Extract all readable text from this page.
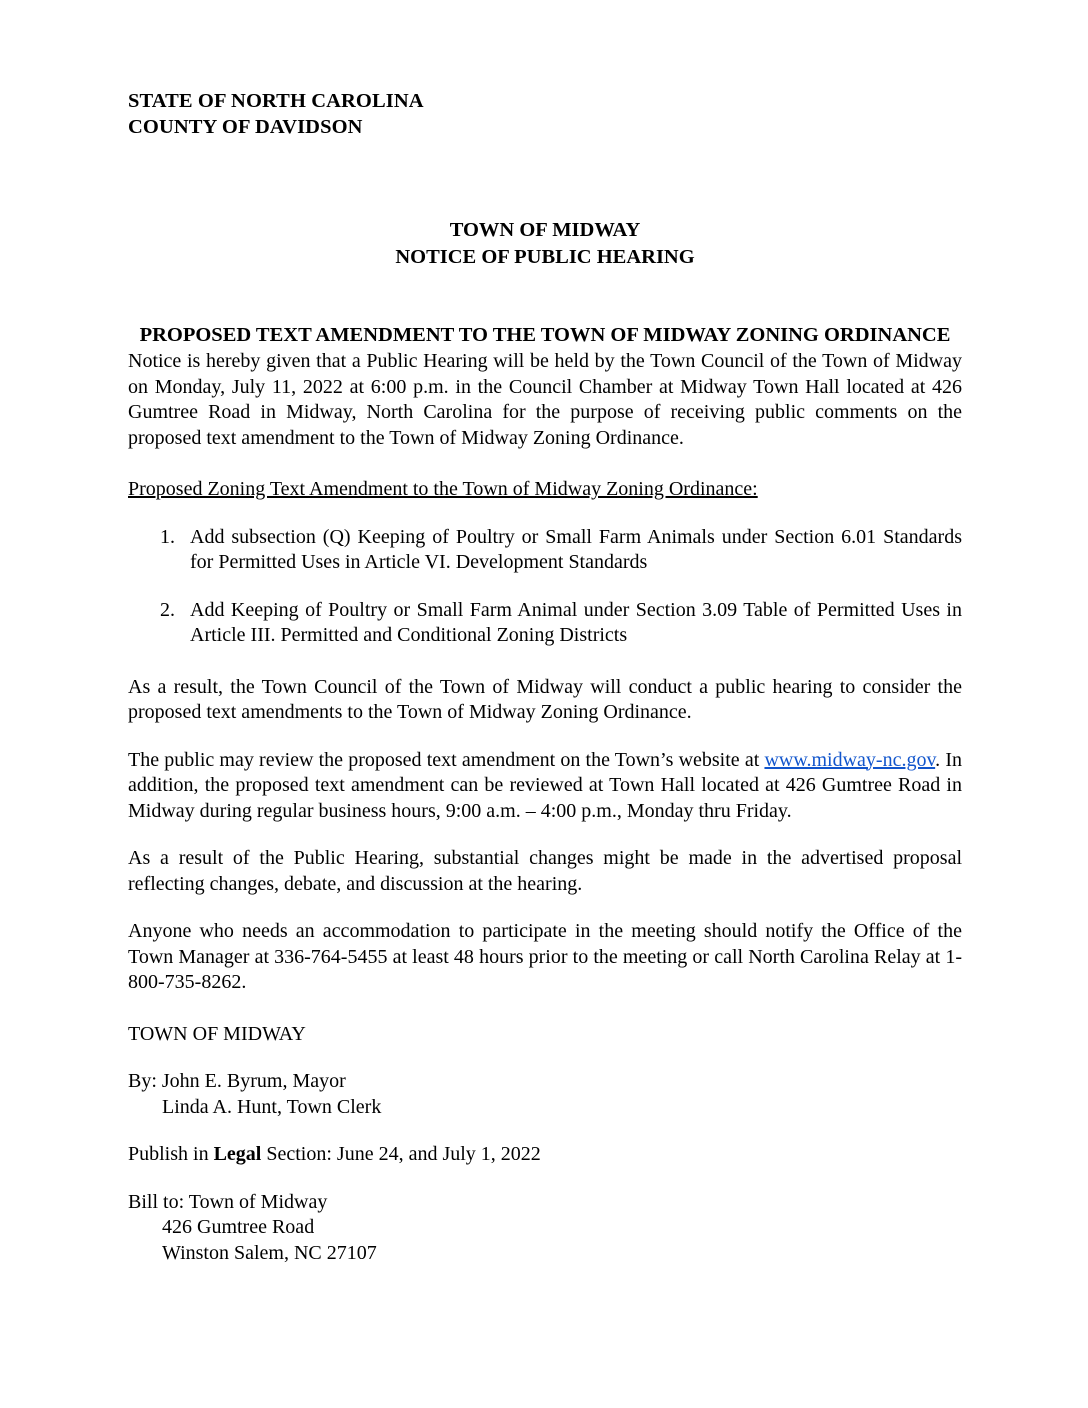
STATE OF NORTH CAROLINA
COUNTY OF DAVIDSON
TOWN OF MIDWAY
NOTICE OF PUBLIC HEARING
PROPOSED TEXT AMENDMENT TO THE TOWN OF MIDWAY ZONING ORDINANCE

Notice is hereby given that a Public Hearing will be held by the Town Council of the Town of Midway on Monday, July 11, 2022 at 6:00 p.m. in the Council Chamber at Midway Town Hall located at 426 Gumtree Road in Midway, North Carolina for the purpose of receiving public comments on the proposed text amendment to the Town of Midway Zoning Ordinance.

Proposed Zoning Text Amendment to the Town of Midway Zoning Ordinance:

1. Add subsection (Q) Keeping of Poultry or Small Farm Animals under Section 6.01 Standards for Permitted Uses in Article VI. Development Standards
2. Add Keeping of Poultry or Small Farm Animal under Section 3.09 Table of Permitted Uses in Article III. Permitted and Conditional Zoning Districts

As a result, the Town Council of the Town of Midway will conduct a public hearing to consider the proposed text amendments to the Town of Midway Zoning Ordinance.

The public may review the proposed text amendment on the Town’s website at www.midway-nc.gov. In addition, the proposed text amendment can be reviewed at Town Hall located at 426 Gumtree Road in Midway during regular business hours, 9:00 a.m. – 4:00 p.m., Monday thru Friday.

As a result of the Public Hearing, substantial changes might be made in the advertised proposal reflecting changes, debate, and discussion at the hearing.

Anyone who needs an accommodation to participate in the meeting should notify the Office of the Town Manager at 336-764-5455 at least 48 hours prior to the meeting or call North Carolina Relay at 1-800-735-8262.

TOWN OF MIDWAY
By: John E. Byrum, Mayor
Linda A. Hunt, Town Clerk
Publish in Legal Section: June 24, and July 1, 2022
Bill to: Town of Midway
426 Gumtree Road
Winston Salem, NC 27107
